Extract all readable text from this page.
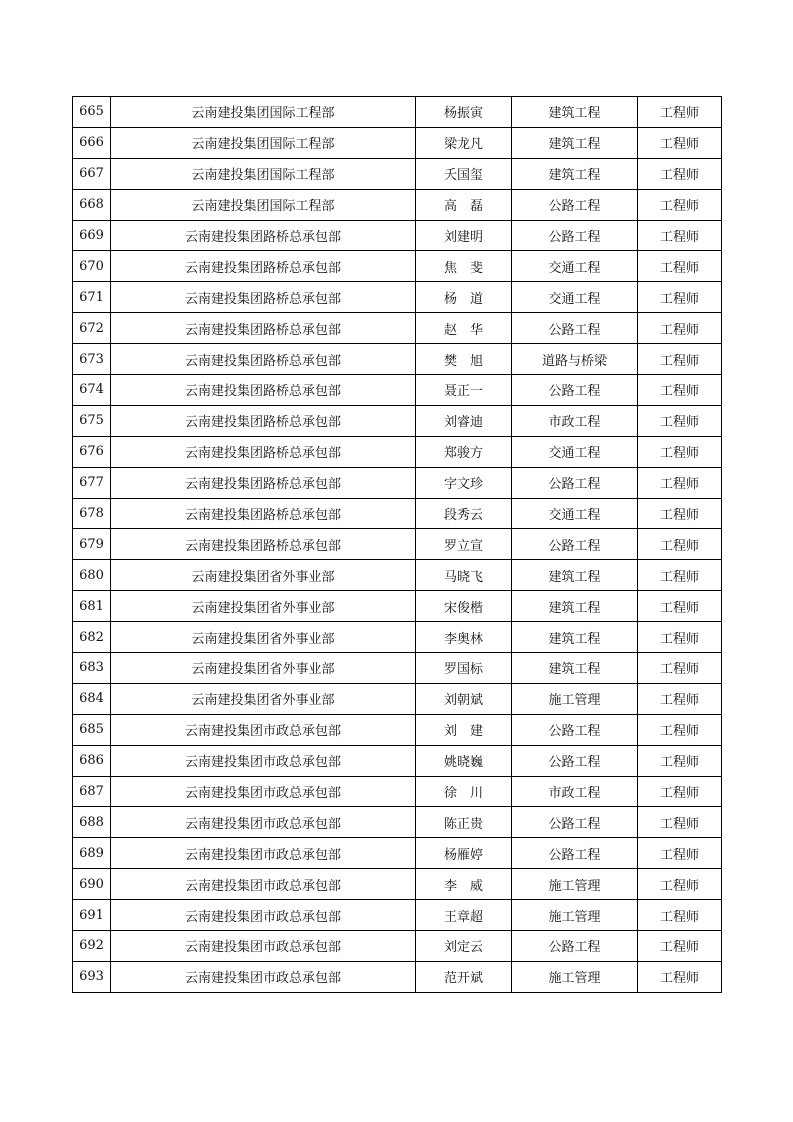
665	云南建投集团国际工程部	杨振寅	建筑工程	工程师
666	云南建投集团国际工程部	梁龙凡	建筑工程	工程师
667	云南建投集团国际工程部	夭国玺	建筑工程	工程师
668	云南建投集团国际工程部	高　磊	公路工程	工程师
669	云南建投集团路桥总承包部	刘建明	公路工程	工程师
670	云南建投集团路桥总承包部	焦　斐	交通工程	工程师
671	云南建投集团路桥总承包部	杨　道	交通工程	工程师
672	云南建投集团路桥总承包部	赵　华	公路工程	工程师
673	云南建投集团路桥总承包部	樊　旭	道路与桥梁	工程师
674	云南建投集团路桥总承包部	聂正一	公路工程	工程师
675	云南建投集团路桥总承包部	刘睿迪	市政工程	工程师
676	云南建投集团路桥总承包部	郑骏方	交通工程	工程师
677	云南建投集团路桥总承包部	字文珍	公路工程	工程师
678	云南建投集团路桥总承包部	段秀云	交通工程	工程师
679	云南建投集团路桥总承包部	罗立宣	公路工程	工程师
680	云南建投集团省外事业部	马晓飞	建筑工程	工程师
681	云南建投集团省外事业部	宋俊楷	建筑工程	工程师
682	云南建投集团省外事业部	李奥林	建筑工程	工程师
683	云南建投集团省外事业部	罗国标	建筑工程	工程师
684	云南建投集团省外事业部	刘朝斌	施工管理	工程师
685	云南建投集团市政总承包部	刘　建	公路工程	工程师
686	云南建投集团市政总承包部	姚晓巍	公路工程	工程师
687	云南建投集团市政总承包部	徐　川	市政工程	工程师
688	云南建投集团市政总承包部	陈正贵	公路工程	工程师
689	云南建投集团市政总承包部	杨雁婷	公路工程	工程师
690	云南建投集团市政总承包部	李　威	施工管理	工程师
691	云南建投集团市政总承包部	王章超	施工管理	工程师
692	云南建投集团市政总承包部	刘定云	公路工程	工程师
693	云南建投集团市政总承包部	范开斌	施工管理	工程师
